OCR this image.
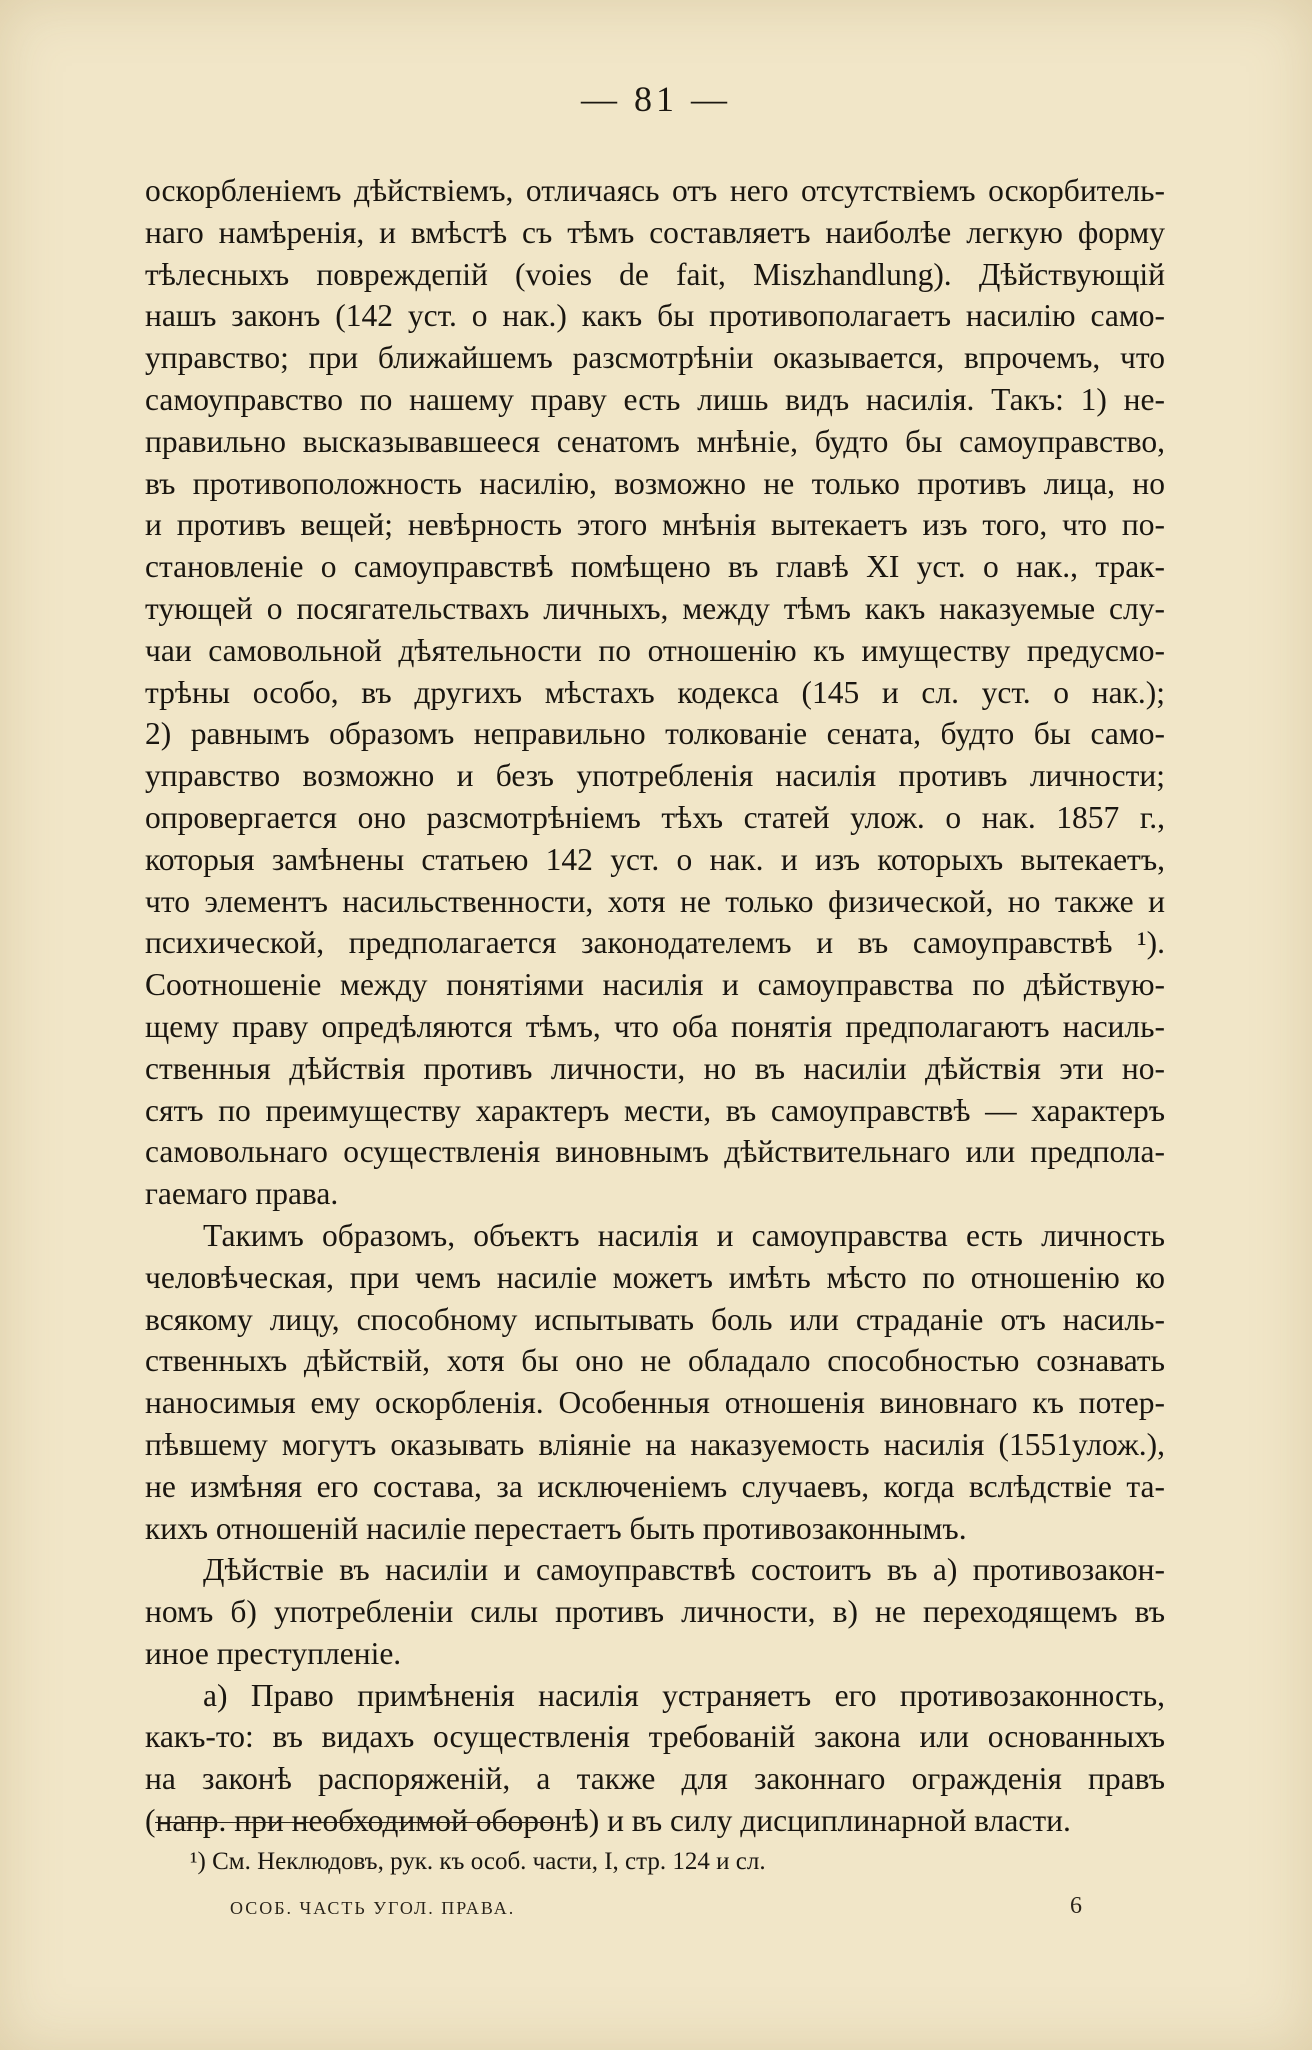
— 81 —
оскорбленіемъ дѣйствіемъ, отличаясь отъ него отсутствіемъ оскорбитель-
наго намѣренія, и вмѣстѣ съ тѣмъ составляетъ наиболѣе легкую форму
тѣлесныхъ повреждепій (voies de fait, Miszhandlung). Дѣйствующій
нашъ законъ (142 уст. о нак.) какъ бы противополагаетъ насилію само-
управство; при ближайшемъ разсмотрѣніи оказывается, впрочемъ, что
самоуправство по нашему праву есть лишь видъ насилія. Такъ: 1) не-
правильно высказывавшееся сенатомъ мнѣніе, будто бы самоуправство,
въ противоположность насилію, возможно не только противъ лица, но
и противъ вещей; невѣрность этого мнѣнія вытекаетъ изъ того, что по-
становленіе о самоуправствѣ помѣщено въ главѣ XI уст. о нак., трак-
тующей о посягательствахъ личныхъ, между тѣмъ какъ наказуемые слу-
чаи самовольной дѣятельности по отношенію къ имуществу предусмо-
трѣны особо, въ другихъ мѣстахъ кодекса (145 и сл. уст. о нак.);
2) равнымъ образомъ неправильно толкованіе сената, будто бы само-
управство возможно и безъ употребленія насилія противъ личности;
опровергается оно разсмотрѣніемъ тѣхъ статей улож. о нак. 1857 г.,
которыя замѣнены статьею 142 уст. о нак. и изъ которыхъ вытекаетъ,
что элементъ насильственности, хотя не только физической, но также и
психической, предполагается законодателемъ и въ самоуправствѣ ¹).
Соотношеніе между понятіями насилія и самоуправства по дѣйствую-
щему праву опредѣляются тѣмъ, что оба понятія предполагаютъ насиль-
ственныя дѣйствія противъ личности, но въ насиліи дѣйствія эти но-
сятъ по преимуществу характеръ мести, въ самоуправствѣ — характеръ
самовольнаго осуществленія виновнымъ дѣйствительнаго или предпола-
гаемаго права.
Такимъ образомъ, объектъ насилія и самоуправства есть личность
человѣческая, при чемъ насиліе можетъ имѣть мѣсто по отношенію ко
всякому лицу, способному испытывать боль или страданіе отъ насиль-
ственныхъ дѣйствій, хотя бы оно не обладало способностью сознавать
наносимыя ему оскорбленія. Особенныя отношенія виновнаго къ потер-
пѣвшему могутъ оказывать вліяніе на наказуемость насилія (1551улож.),
не измѣняя его состава, за исключеніемъ случаевъ, когда вслѣдствіе та-
кихъ отношеній насиліе перестаетъ быть противозаконнымъ.
Дѣйствіе въ насиліи и самоуправствѣ состоитъ въ а) противозакон-
номъ б) употребленіи силы противъ личности, в) не переходящемъ въ
иное преступленіе.
а) Право примѣненія насилія устраняетъ его противозаконность,
какъ-то: въ видахъ осуществленія требованій закона или основанныхъ
на законѣ распоряженій, а также для законнаго огражденія правъ
(напр. при необходимой оборонѣ) и въ силу дисциплинарной власти.
¹) См. Неклюдовъ, рук. къ особ. части, I, стр. 124 и сл.
ОСОБ. ЧАСТЬ УГОЛ. ПРАВА.	6
